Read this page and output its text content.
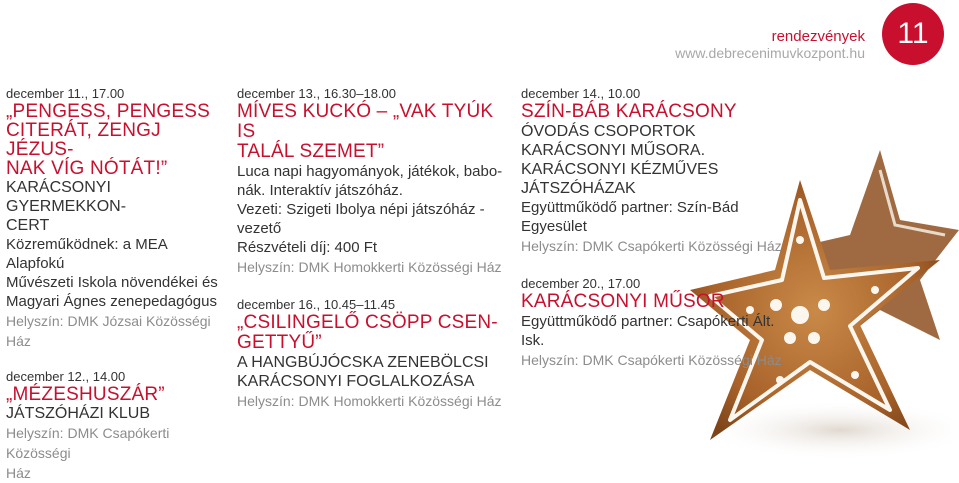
rendezvények
www.debrecenimuvkozpont.hu
11
december 11., 17.00
„PENGESS, PENGESS
CITERÁT, ZENGJ JÉZUS-
NAK VÍG NÓTÁT!”
KARÁCSONYI GYERMEKKON-
CERT
Közreműködnek: a MEA Alapfokú
Művészeti Iskola növendékei és
Magyari Ágnes zenepedagógus
Helyszín: DMK Józsai Közösségi Ház
december 12., 14.00
„MÉZESHUSZÁR”
JÁTSZÓHÁZI KLUB
Helyszín: DMK Csapókerti Közösségi
Ház
december 13., 16.30–18.00
MÍVES KUCKÓ – „VAK TYÚK IS
TALÁL SZEMET”
Luca napi hagyományok, játékok, babo-
nák. Interaktív játszóház.
Vezeti: Szigeti Ibolya népi játszóház -
vezető
Részvételi díj: 400 Ft
Helyszín: DMK Homokkerti Közösségi Ház
december 16., 10.45–11.45
„CSILINGELŐ CSÖPP CSEN-
GETTYŰ”
A HANGBÚJÓCSKA ZENEBÖLCSI
KARÁCSONYI FOGLALKOZÁSA
Helyszín: DMK Homokkerti Közösségi Ház
december 14., 10.00
SZÍN-BÁB KARÁCSONY
ÓVODÁS CSOPORTOK KARÁCSONYI MŰSORA.
KARÁCSONYI KÉZMŰVES JÁTSZÓHÁZAK
Együttműködő partner: Szín-Bád Egyesület
Helyszín: DMK Csapókerti Közösségi Ház
december 20., 17.00
KARÁCSONYI MŰSOR
Együttműködő partner: Csapókerti Ált. Isk.
Helyszín: DMK Csapókerti Közösségi Ház
